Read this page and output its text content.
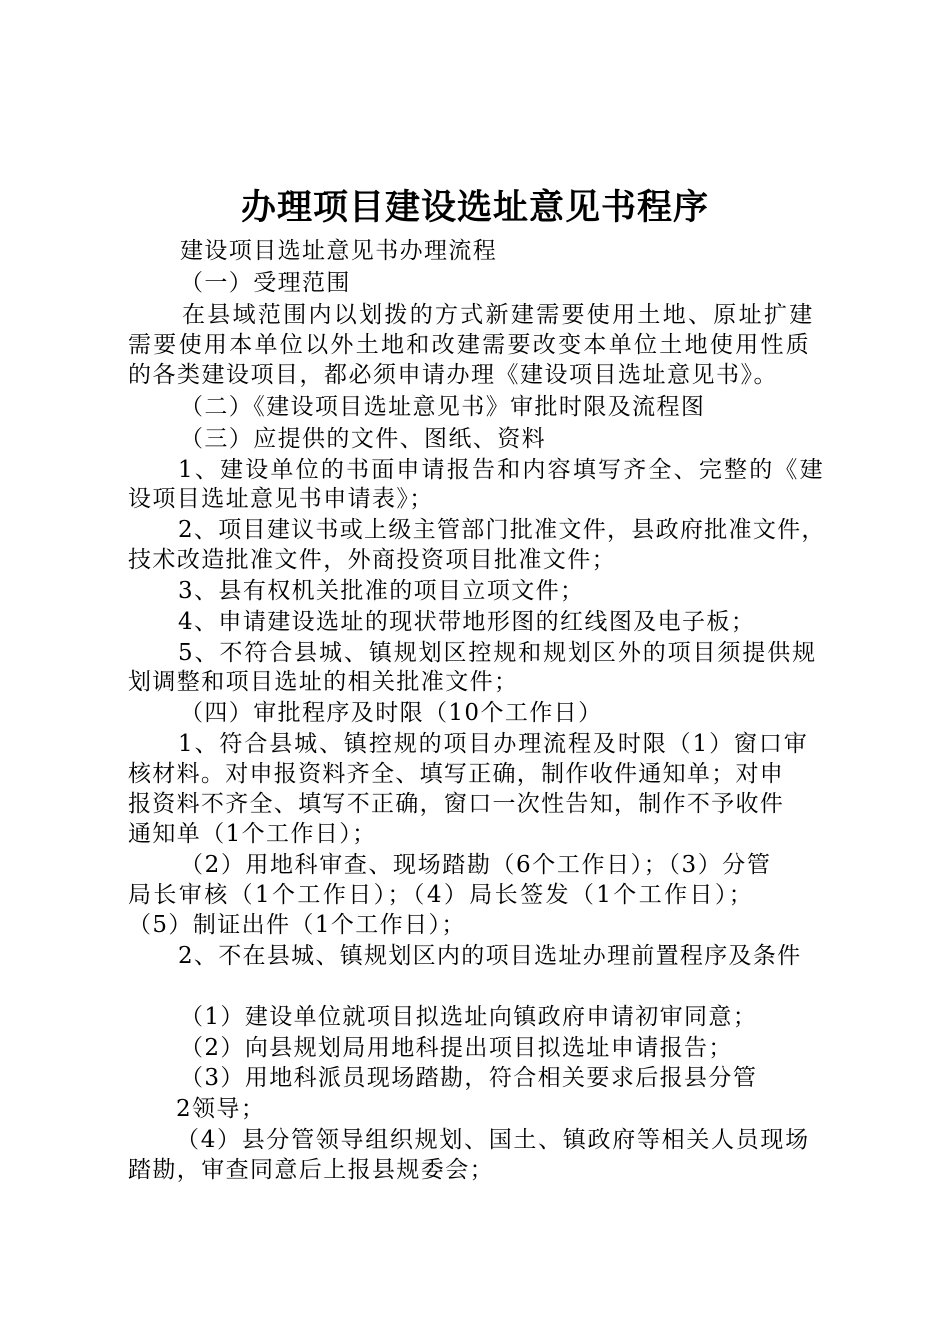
办理项目建设选址意见书程序
建设项目选址意见书办理流程
（一）受理范围
在县域范围内以划拨的方式新建需要使用土地、原址扩建
需要使用本单位以外土地和改建需要改变本单位土地使用性质
的各类建设项目，都必须申请办理《建设项目选址意见书》。
（二）《建设项目选址意见书》审批时限及流程图
（三）应提供的文件、图纸、资料
1、建设单位的书面申请报告和内容填写齐全、完整的《建
设项目选址意见书申请表》；
2、项目建议书或上级主管部门批准文件，县政府批准文件，
技术改造批准文件，外商投资项目批准文件；
3、县有权机关批准的项目立项文件；
4、申请建设选址的现状带地形图的红线图及电子板；
5、不符合县城、镇规划区控规和规划区外的项目须提供规
划调整和项目选址的相关批准文件；
（四）审批程序及时限（10个工作日）
1、符合县城、镇控规的项目办理流程及时限（1）窗口审
核材料。对申报资料齐全、填写正确，制作收件通知单；对申
报资料不齐全、填写不正确，窗口一次性告知，制作不予收件
通知单（1个工作日）；
（2）用地科审查、现场踏勘（6个工作日）；（3）分管
局长审核（1个工作日）；（4）局长签发（1个工作日）；
（5）制证出件（1个工作日）；
2、不在县城、镇规划区内的项目选址办理前置程序及条件
（1）建设单位就项目拟选址向镇政府申请初审同意；
（2）向县规划局用地科提出项目拟选址申请报告；
（3）用地科派员现场踏勘，符合相关要求后报县分管
2领导；
（4）县分管领导组织规划、国土、镇政府等相关人员现场
踏勘，审查同意后上报县规委会；
